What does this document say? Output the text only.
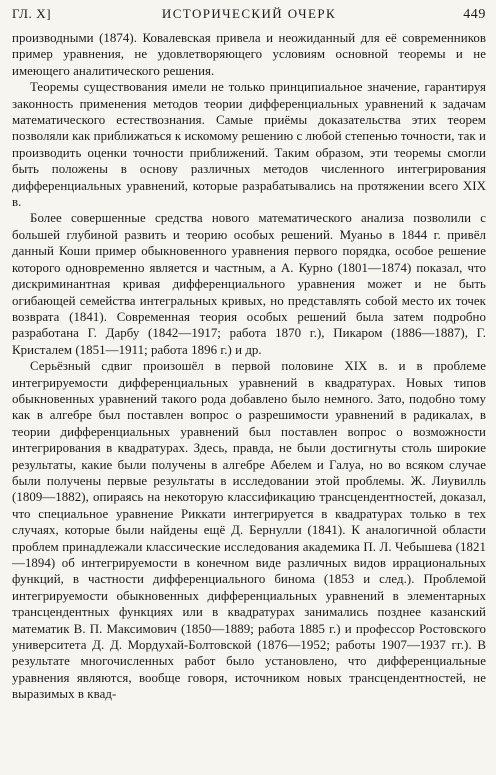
ГЛ. X]	ИСТОРИЧЕСКИЙ ОЧЕРК	449

производными (1874). Ковалевская привела и неожиданный для её современников пример уравнения, не удовлетворяющего условиям основной теоремы и не имеющего аналитического решения.

Теоремы существования имели не только принципиальное значение, гарантируя законность применения методов теории дифференциальных уравнений к задачам математического естествознания. Самые приёмы доказательства этих теорем позволяли как приближаться к искомому решению с любой степенью точности, так и производить оценки точности приближений. Таким образом, эти теоремы смогли быть положены в основу различных методов численного интегрирования дифференциальных уравнений, которые разрабатывались на протяжении всего XIX в.

Более совершенные средства нового математического анализа позволили с большей глубиной развить и теорию особых решений. Муаньо в 1844 г. привёл данный Коши пример обыкновенного уравнения первого порядка, особое решение которого одновременно является и частным, а А. Курно (1801—1874) показал, что дискриминантная кривая дифференциального уравнения может и не быть огибающей семейства интегральных кривых, но представлять собой место их точек возврата (1841). Современная теория особых решений была затем подробно разработана Г. Дарбу (1842—1917; работа 1870 г.), Пикаром (1886—1887), Г. Кристалем (1851—1911; работа 1896 г.) и др.

Серьёзный сдвиг произошёл в первой половине XIX в. и в проблеме интегрируемости дифференциальных уравнений в квадратурах. Новых типов обыкновенных уравнений такого рода добавлено было немного. Зато, подобно тому как в алгебре был поставлен вопрос о разрешимости уравнений в радикалах, в теории дифференциальных уравнений был поставлен вопрос о возможности интегрирования в квадратурах. Здесь, правда, не были достигнуты столь широкие результаты, какие были получены в алгебре Абелем и Галуа, но во всяком случае были получены первые результаты в исследовании этой проблемы. Ж. Лиувилль (1809—1882), опираясь на некоторую классификацию трансцендентностей, доказал, что специальное уравнение Риккати интегрируется в квадратурах только в тех случаях, которые были найдены ещё Д. Бернулли (1841). К аналогичной области проблем принадлежали классические исследования академика П. Л. Чебышева (1821—1894) об интегрируемости в конечном виде различных видов иррациональных функций, в частности дифференциального бинома (1853 и след.). Проблемой интегрируемости обыкновенных дифференциальных уравнений в элементарных трансцендентных функциях или в квадратурах занимались позднее казанский математик В. П. Максимович (1850—1889; работа 1885 г.) и профессор Ростовского университета Д. Д. Мордухай-Болтовской (1876—1952; работы 1907—1937 гг.). В результате многочисленных работ было установлено, что дифференциальные уравнения являются, вообще говоря, источником новых трансцендентностей, не выразимых в квад-
